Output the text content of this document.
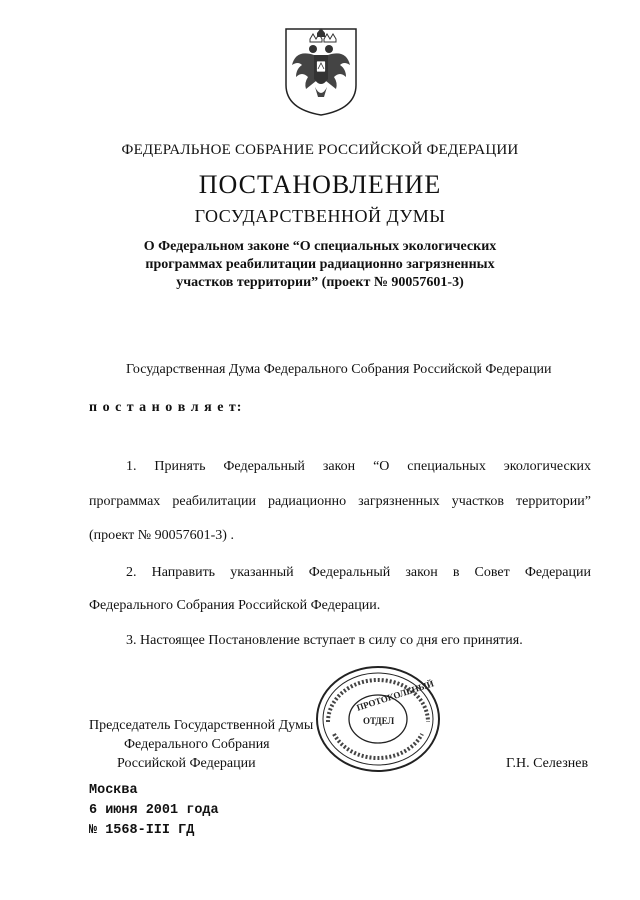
ФЕДЕРАЛЬНОЕ СОБРАНИЕ РОССИЙСКОЙ ФЕДЕРАЦИИ
ПОСТАНОВЛЕНИЕ
ГОСУДАРСТВЕННОЙ ДУМЫ
О Федеральном законе “О специальных экологических программах реабилитации радиационно загрязненных участков территории” (проект № 90057601-3)
Государственная Дума Федерального Собрания Российской Федерации
п о с т а н о в л я е т:
1. Принять Федеральный закон “О специальных экологических
программах реабилитации радиационно загрязненных участков территории”
(проект № 90057601-3) .
2. Направить указанный Федеральный закон в Совет Федерации
Федерального Собрания Российской Федерации.
3. Настоящее Постановление вступает в силу со дня его принятия.
Председатель Государственной Думы
Федерального Собрания
Российской Федерации	Г.Н. Селезнев
ПРОТОКОЛЬНЫЙ
ОТДЕЛ
Москва
6 июня 2001 года
№ 1568-III ГД
